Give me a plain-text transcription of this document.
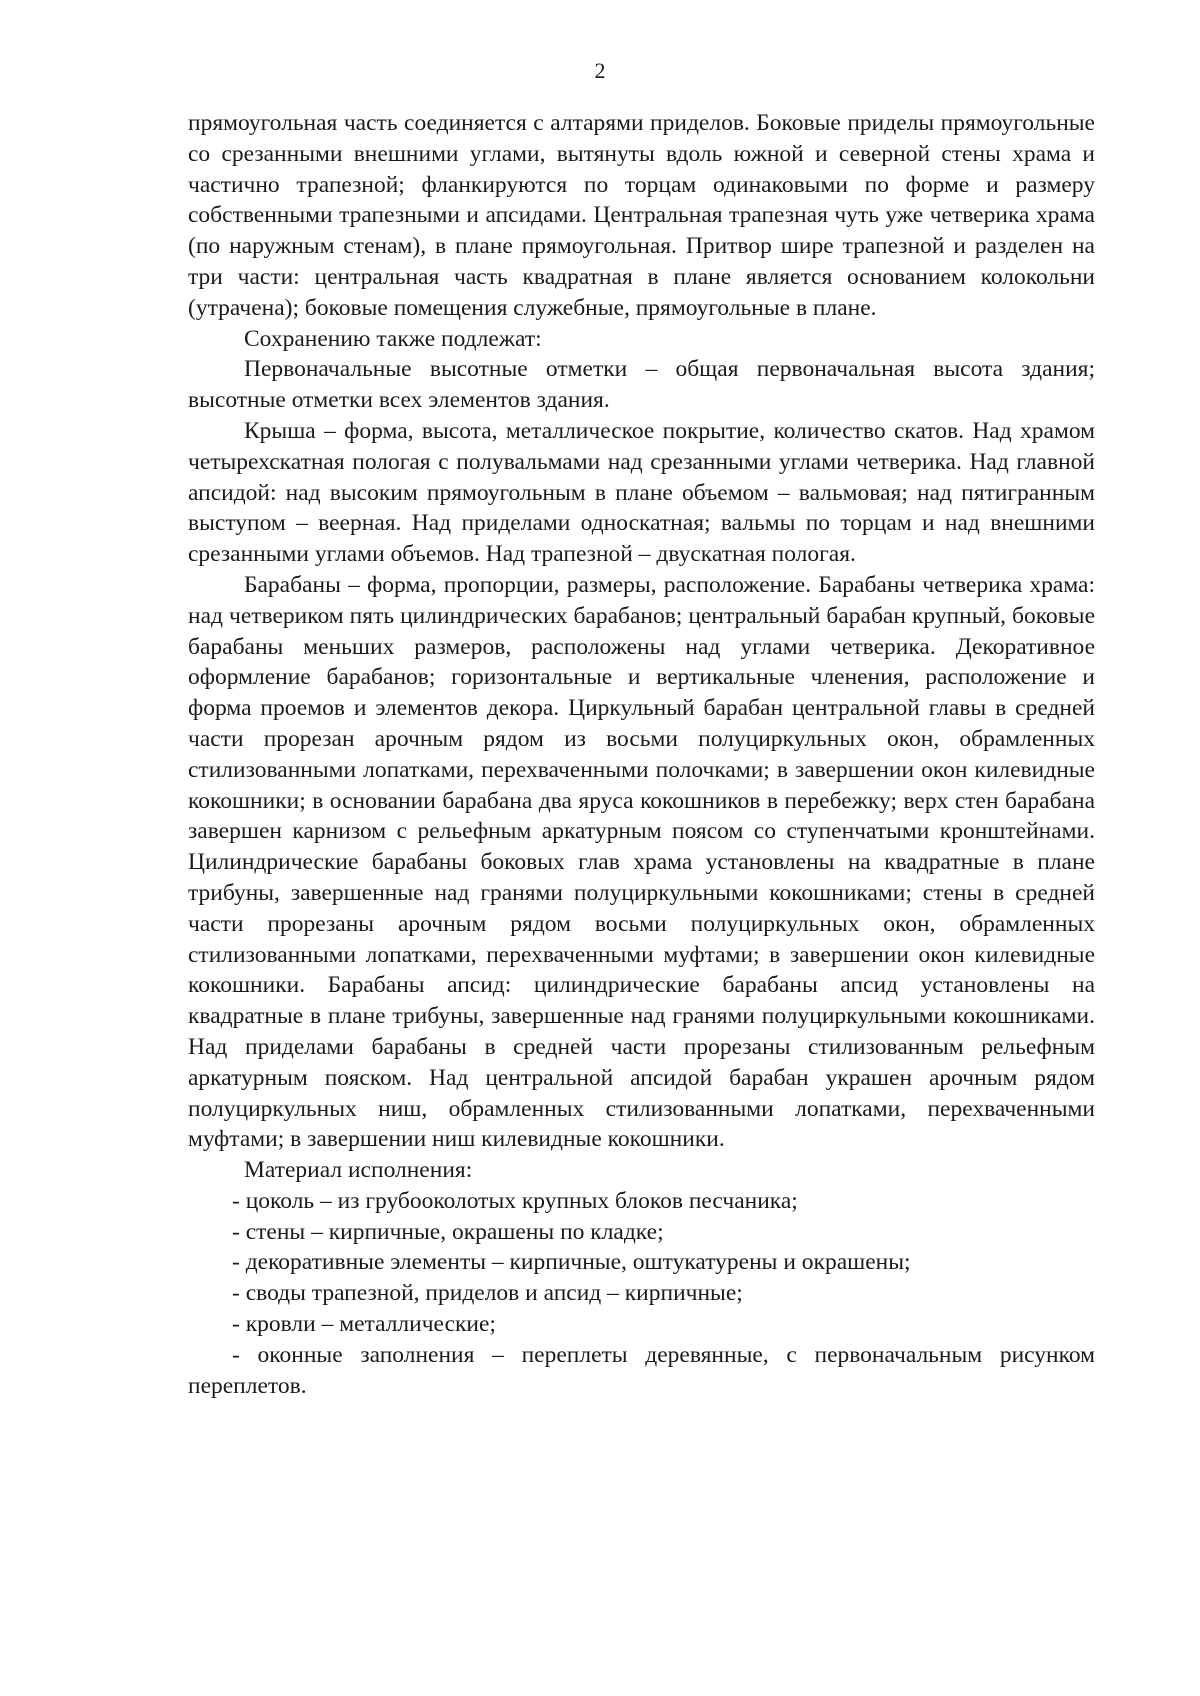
2

прямоугольная часть соединяется с алтарями приделов. Боковые приделы прямоугольные со срезанными внешними углами, вытянуты вдоль южной и северной стены храма и частично трапезной; фланкируются по торцам одинаковыми по форме и размеру собственными трапезными и апсидами. Центральная трапезная чуть уже четверика храма (по наружным стенам), в плане прямоугольная. Притвор шире трапезной и разделен на три части: центральная часть квадратная в плане является основанием колокольни (утрачена); боковые помещения служебные, прямоугольные в плане.

Сохранению также подлежат:

Первоначальные высотные отметки – общая первоначальная высота здания; высотные отметки всех элементов здания.

Крыша – форма, высота, металлическое покрытие, количество скатов. Над храмом четырехскатная пологая с полувальмами над срезанными углами четверика. Над главной апсидой: над высоким прямоугольным в плане объемом – вальмовая; над пятигранным выступом – веерная. Над приделами односкатная; вальмы по торцам и над внешними срезанными углами объемов. Над трапезной – двускатная пологая.

Барабаны – форма, пропорции, размеры, расположение. Барабаны четверика храма: над четвериком пять цилиндрических барабанов; центральный барабан крупный, боковые барабаны меньших размеров, расположены над углами четверика. Декоративное оформление барабанов; горизонтальные и вертикальные членения, расположение и форма проемов и элементов декора. Циркульный барабан центральной главы в средней части прорезан арочным рядом из восьми полуциркульных окон, обрамленных стилизованными лопатками, перехваченными полочками; в завершении окон килевидные кокошники; в основании барабана два яруса кокошников в перебежку; верх стен барабана завершен карнизом с рельефным аркатурным поясом со ступенчатыми кронштейнами. Цилиндрические барабаны боковых глав храма установлены на квадратные в плане трибуны, завершенные над гранями полуциркульными кокошниками; стены в средней части прорезаны арочным рядом восьми полуциркульных окон, обрамленных стилизованными лопатками, перехваченными муфтами; в завершении окон килевидные кокошники. Барабаны апсид: цилиндрические барабаны апсид установлены на квадратные в плане трибуны, завершенные над гранями полуциркульными кокошниками. Над приделами барабаны в средней части прорезаны стилизованным рельефным аркатурным пояском. Над центральной апсидой барабан украшен арочным рядом полуциркульных ниш, обрамленных стилизованными лопатками, перехваченными муфтами; в завершении ниш килевидные кокошники.

Материал исполнения:

- цоколь – из грубооколотых крупных блоков песчаника;

- стены – кирпичные, окрашены по кладке;

- декоративные элементы – кирпичные, оштукатурены и окрашены;

- своды трапезной, приделов и апсид – кирпичные;

- кровли – металлические;

- оконные заполнения – переплеты деревянные, с первоначальным рисунком переплетов.
